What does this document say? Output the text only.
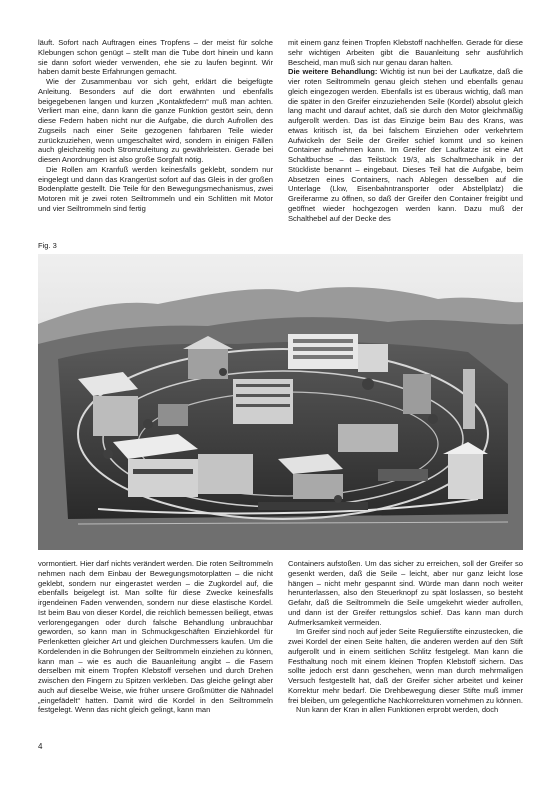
läuft. Sofort nach Auftragen eines Tropfens – der meist für solche Klebungen schon genügt – stellt man die Tube dort hinein und kann sie dann sofort wieder verwenden, ehe sie zu laufen beginnt. Wir haben damit beste Erfahrungen gemacht.

Wie der Zusammenbau vor sich geht, erklärt die beigefügte Anleitung. Besonders auf die dort erwähnten und ebenfalls beigegebenen langen und kurzen „Kontaktfedern“ muß man achten. Verliert man eine, dann kann die ganze Funktion gestört sein, denn diese Federn haben nicht nur die Aufgabe, die durch Aufrollen des Zugseils nach einer Seite gezogenen fahrbaren Teile wieder zurückzuziehen, wenn umgeschaltet wird, sondern in einigen Fällen auch gleichzeitig noch Stromzuleitung zu gewährleisten. Gerade bei diesen Anordnungen ist also große Sorgfalt nötig.

Die Rollen am Kranfuß werden keinesfalls geklebt, sondern nur eingelegt und dann das Krangerüst sofort auf das Gleis in der großen Bodenplatte gestellt. Die Teile für den Bewegungsmechanismus, zwei Motoren mit je zwei roten Seiltrommeln und ein Schlitten mit Motor und vier Seiltrommeln sind fertig

mit einem ganz feinen Tropfen Klebstoff nachhelfen. Gerade für diese sehr wichtigen Arbeiten gibt die Bauanleitung sehr ausführlich Bescheid, man muß sich nur genau daran halten.

Die weitere Behandlung: Wichtig ist nun bei der Laufkatze, daß die vier roten Seiltrommeln genau gleich stehen und ebenfalls genau gleich eingezogen werden. Ebenfalls ist es überaus wichtig, daß man die später in den Greifer einzuziehenden Seile (Kordel) absolut gleich lang macht und darauf achtet, daß sie durch den Motor gleichmäßig aufgerollt werden. Das ist das Einzige beim Bau des Krans, was etwas kritisch ist, da bei falschem Einziehen oder verkehrtem Aufwickeln der Seile der Greifer schief kommt und so keinen Container aufnehmen kann. Im Greifer der Laufkatze ist eine Art Schaltbuchse – das Teilstück 19/3, als Schaltmechanik in der Stückliste benannt – eingebaut. Dieses Teil hat die Aufgabe, beim Absetzen eines Containers, nach Ablegen desselben auf die Unterlage (Lkw, Eisenbahntransporter oder Abstellplatz) die Greiferarme zu öffnen, so daß der Greifer den Container freigibt und geöffnet wieder hochgezogen werden kann. Dazu muß der Schalthebel auf der Decke des

Fig. 3

vormontiert. Hier darf nichts verändert werden. Die roten Seiltrommeln nehmen nach dem Einbau der Bewegungsmotorplatten – die nicht geklebt, sondern nur eingerastet werden – die Zugkordel auf, die ebenfalls beigelegt ist. Man sollte für diese Zwecke keinesfalls irgendeinen Faden verwenden, sondern nur diese elastische Kordel. Ist beim Bau von dieser Kordel, die reichlich bemessen beiliegt, etwas verlorengegangen oder durch falsche Behandlung unbrauchbar geworden, so kann man in Schmuckgeschäften Einziehkordel für Perlenketten gleicher Art und gleichen Durchmessers kaufen. Um die Kordelenden in die Bohrungen der Seiltrommeln einziehen zu können, kann man – wie es auch die Bauanleitung angibt – die Fasern derselben mit einem Tropfen Klebstoff versehen und durch Drehen zwischen den Fingern zu Spitzen verkleben. Das gleiche gelingt aber auch auf dieselbe Weise, wie früher unsere Großmütter die Nähnadel „eingefädelt“ hatten. Damit wird die Kordel in den Seiltrommeln festgelegt. Wenn das nicht gleich gelingt, kann man

Containers aufstoßen. Um das sicher zu erreichen, soll der Greifer so gesenkt werden, daß die Seile – leicht, aber nur ganz leicht lose hängen – nicht mehr gespannt sind. Würde man dann noch weiter herunterlassen, also den Steuerknopf zu spät loslassen, so besteht Gefahr, daß die Seiltrommeln die Seile umgekehrt wieder aufrollen, und dann ist der Greifer rettungslos schief. Das kann man durch Aufmerksamkeit vermeiden.

Im Greifer sind noch auf jeder Seite Regulierstifte einzustecken, die zwei Kordel der einen Seite halten, die anderen werden auf den Stift aufgerollt und in einem seitlichen Schlitz festgelegt. Man kann die Festhaltung noch mit einem kleinen Tropfen Klebstoff sichern. Das sollte jedoch erst dann geschehen, wenn man durch mehrmaligen Versuch festgestellt hat, daß der Greifer sicher arbeitet und keiner Korrektur mehr bedarf. Die Drehbewegung dieser Stifte muß immer frei bleiben, um gelegentliche Nachkorrekturen vornehmen zu können.

Nun kann der Kran in allen Funktionen erprobt werden, doch

4
